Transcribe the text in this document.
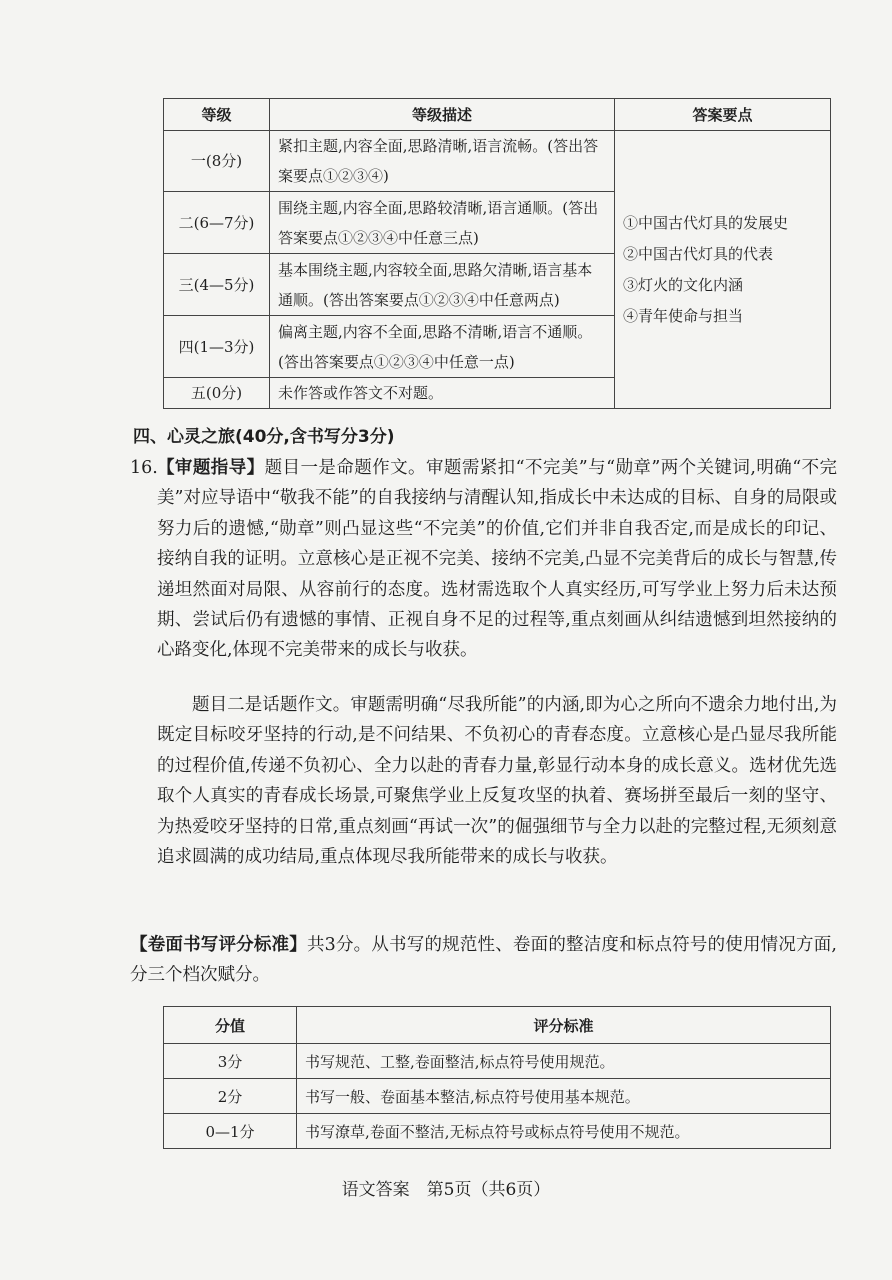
等级	等级描述	答案要点
一(8分)	紧扣主题,内容全面,思路清晰,语言流畅。(答出答案要点①②③④)	①中国古代灯具的发展史
②中国古代灯具的代表
③灯火的文化内涵
④青年使命与担当

二(6—7分)	围绕主题,内容全面,思路较清晰,语言通顺。(答出答案要点①②③④中任意三点)	
三(4—5分)	基本围绕主题,内容较全面,思路欠清晰,语言基本通顺。(答出答案要点①②③④中任意两点)	
四(1—3分)	偏离主题,内容不全面,思路不清晰,语言不通顺。(答出答案要点①②③④中任意一点)	
五(0分)	未作答或作答文不对题。	
四、心灵之旅(40分,含书写分3分)
16. 【审题指导】题目一是命题作文。审题需紧扣“不完美”与“勋章”两个关键词,明确“不完美”对应导语中“敬我不能”的自我接纳与清醒认知,指成长中未达成的目标、自身的局限或努力后的遗憾,“勋章”则凸显这些“不完美”的价值,它们并非自我否定,而是成长的印记、接纳自我的证明。立意核心是正视不完美、接纳不完美,凸显不完美背后的成长与智慧,传递坦然面对局限、从容前行的态度。选材需选取个人真实经历,可写学业上努力后未达预期、尝试后仍有遗憾的事情、正视自身不足的过程等,重点刻画从纠结遗憾到坦然接纳的心路变化,体现不完美带来的成长与收获。

题目二是话题作文。审题需明确“尽我所能”的内涵,即为心之所向不遗余力地付出,为既定目标咬牙坚持的行动,是不问结果、不负初心的青春态度。立意核心是凸显尽我所能的过程价值,传递不负初心、全力以赴的青春力量,彰显行动本身的成长意义。选材优先选取个人真实的青春成长场景,可聚焦学业上反复攻坚的执着、赛场拼至最后一刻的坚守、为热爱咬牙坚持的日常,重点刻画“再试一次”的倔强细节与全力以赴的完整过程,无须刻意追求圆满的成功结局,重点体现尽我所能带来的成长与收获。

【卷面书写评分标准】共3分。从书写的规范性、卷面的整洁度和标点符号的使用情况方面,分三个档次赋分。

分值	评分标准
3分	书写规范、工整,卷面整洁,标点符号使用规范。
2分	书写一般、卷面基本整洁,标点符号使用基本规范。
0—1分	书写潦草,卷面不整洁,无标点符号或标点符号使用不规范。
语文答案　第5页（共6页）
